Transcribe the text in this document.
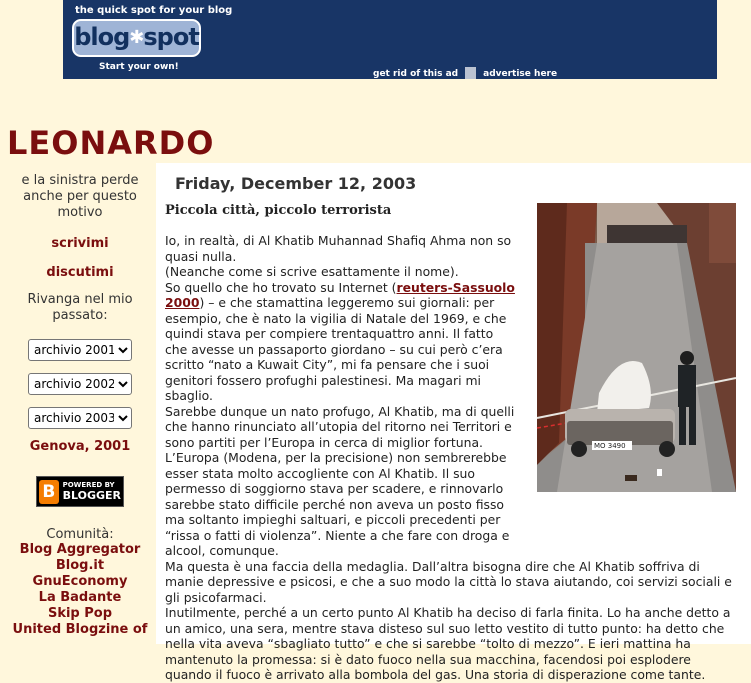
the quick spot for your blog
blog✱spot
Start your own!
get rid of this ad	advertise here
LEONARDO
e la sinistra perde anche per questo motivo
scrivimi
discutimi
Rivanga nel mio passato:
archivio 2001
archivio 2002
archivio 2003
Genova, 2001
B	POWERED BY
BLOGGER
Comunità:
Blog Aggregator
Blog.it
GnuEconomy
La Badante
Skip Pop
United Blogzine of
Friday, December 12, 2003
Piccola città, piccolo terrorista
MO 3490
Io, in realtà, di Al Khatib Muhannad Shafiq Ahma non so quasi nulla.
(Neanche come si scrive esattamente il nome).
So quello che ho trovato su Internet (reuters-Sassuolo 2000) – e che stamattina leggeremo sui giornali: per esempio, che è nato la vigilia di Natale del 1969, e che quindi stava per compiere trentaquattro anni. Il fatto che avesse un passaporto giordano – su cui però c’era scritto “nato a Kuwait City”, mi fa pensare che i suoi genitori fossero profughi palestinesi. Ma magari mi sbaglio.
Sarebbe dunque un nato profugo, Al Khatib, ma di quelli che hanno rinunciato all’utopia del ritorno nei Territori e sono partiti per l’Europa in cerca di miglior fortuna.
L’Europa (Modena, per la precisione) non sembrerebbe esser stata molto accogliente con Al Khatib. Il suo permesso di soggiorno stava per scadere, e rinnovarlo sarebbe stato difficile perché non aveva un posto fisso ma soltanto impieghi saltuari, e piccoli precedenti per “rissa o fatti di violenza”. Niente a che fare con droga e alcool, comunque.
Ma questa è una faccia della medaglia. Dall’altra bisogna dire che Al Khatib soffriva di manie depressive e psicosi, e che a suo modo la città lo stava aiutando, coi servizi sociali e gli psicofarmaci.
Inutilmente, perché a un certo punto Al Khatib ha deciso di farla finita. Lo ha anche detto a un amico, una sera, mentre stava disteso sul suo letto vestito di tutto punto: ha detto che nella vita aveva “sbagliato tutto” e che si sarebbe “tolto di mezzo”. E ieri mattina ha mantenuto la promessa: si è dato fuoco nella sua macchina, facendosi poi esplodere quando il fuoco è arrivato alla bombola del gas. Una storia di disperazione come tante.
